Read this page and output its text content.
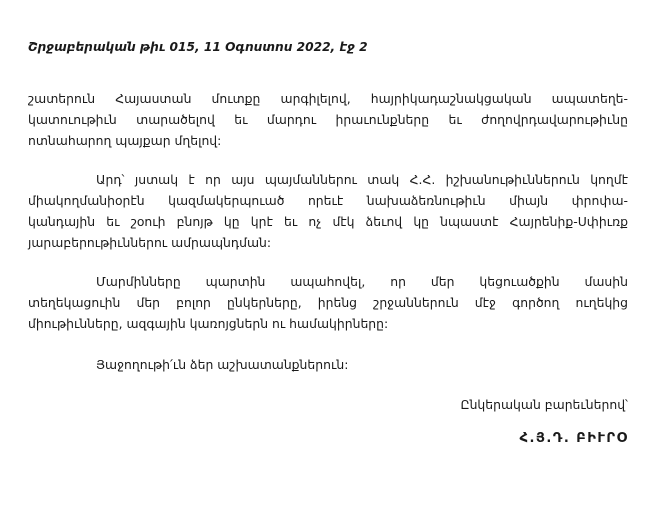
Շրջաբերական թիւ 015, 11 Օգոստոս 2022, էջ 2
շատերուն Հայաստան մուտքը արգիլելով, հայրիկադաշնակցական ապատեղե-
կատուութիւն տարածելով եւ մարդու իրաւունքները եւ ժողովրդավարութիւնը
ոտնահարող պայքար մղելով:
Արդ՝ յստակ է որ այս պայմաններու տակ Հ.Հ. իշխանութիւններուն կողմէ
միակողմանիօրէն կազմակերպուած որեւէ նախաձեռնութիւն միայն փրոփա-
կանդային եւ շօուի բնոյթ կը կրէ եւ ոչ մէկ ձեւով կը նպաստէ Հայրենիք-Սփիւռք
յարաբերութիւններու ամրապնդման:
Մարմինները պարտին ապահովել, որ մեր կեցուածքին մասին
տեղեկացուին մեր բոլոր ընկերները, իրենց շրջաններուն մէջ գործող ուղեկից
միութիւնները, ազգային կառոյցներն ու համակիրները:
Յաջողութի՛ւն ձեր աշխատանքներուն:
Ընկերական բարեւներով՝
Հ.Յ.Դ. ԲԻՒՐՕ
